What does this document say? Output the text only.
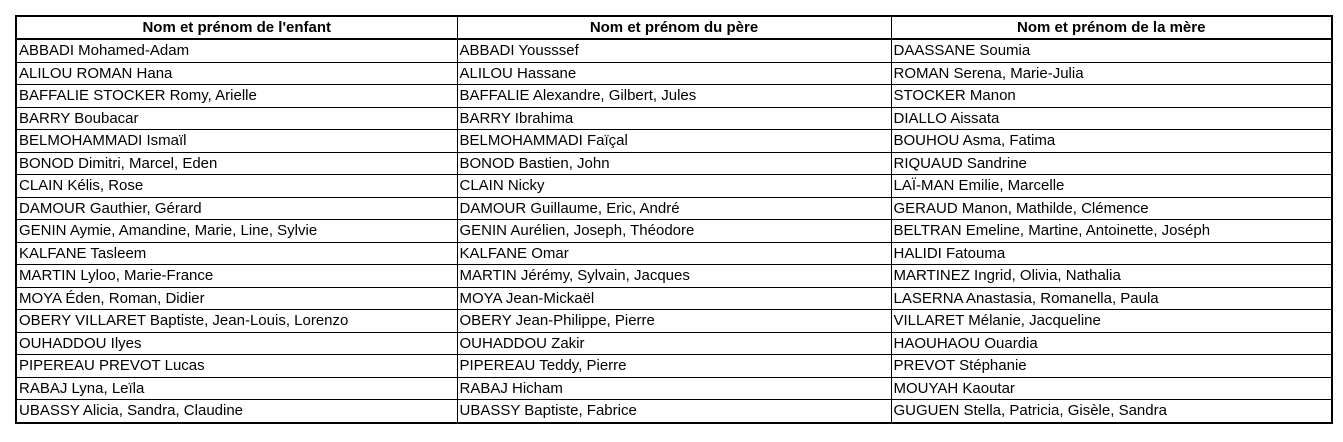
Nom et prénom de l'enfant	Nom et prénom du père	Nom et prénom de la mère
ABBADI Mohamed-Adam	ABBADI Yousssef	DAASSANE Soumia
ALILOU ROMAN Hana	ALILOU Hassane	ROMAN Serena, Marie-Julia
BAFFALIE STOCKER Romy, Arielle	BAFFALIE Alexandre, Gilbert, Jules	STOCKER Manon
BARRY Boubacar	BARRY Ibrahima	DIALLO Aissata
BELMOHAMMADI Ismaïl	BELMOHAMMADI Faïçal	BOUHOU Asma, Fatima
BONOD Dimitri, Marcel, Eden	BONOD Bastien, John	RIQUAUD Sandrine
CLAIN Kélis, Rose	CLAIN Nicky	LAÏ-MAN Emilie, Marcelle
DAMOUR Gauthier, Gérard	DAMOUR Guillaume, Eric, André	GERAUD Manon, Mathilde, Clémence
GENIN Aymie, Amandine, Marie, Line, Sylvie	GENIN Aurélien, Joseph, Théodore	BELTRAN Emeline, Martine, Antoinette, Joséph
KALFANE Tasleem	KALFANE Omar	HALIDI Fatouma
MARTIN Lyloo, Marie-France	MARTIN Jérémy, Sylvain, Jacques	MARTINEZ Ingrid, Olivia, Nathalia
MOYA Éden, Roman, Didier	MOYA Jean-Mickaël	LASERNA Anastasia, Romanella, Paula
OBERY VILLARET Baptiste, Jean-Louis, Lorenzo	OBERY Jean-Philippe, Pierre	VILLARET Mélanie, Jacqueline
OUHADDOU Ilyes	OUHADDOU Zakir	HAOUHAOU Ouardia
PIPEREAU PREVOT Lucas	PIPEREAU Teddy, Pierre	PREVOT Stéphanie
RABAJ Lyna, Leïla	RABAJ Hicham	MOUYAH Kaoutar
UBASSY Alicia, Sandra, Claudine	UBASSY Baptiste, Fabrice	GUGUEN Stella, Patricia, Gisèle, Sandra
